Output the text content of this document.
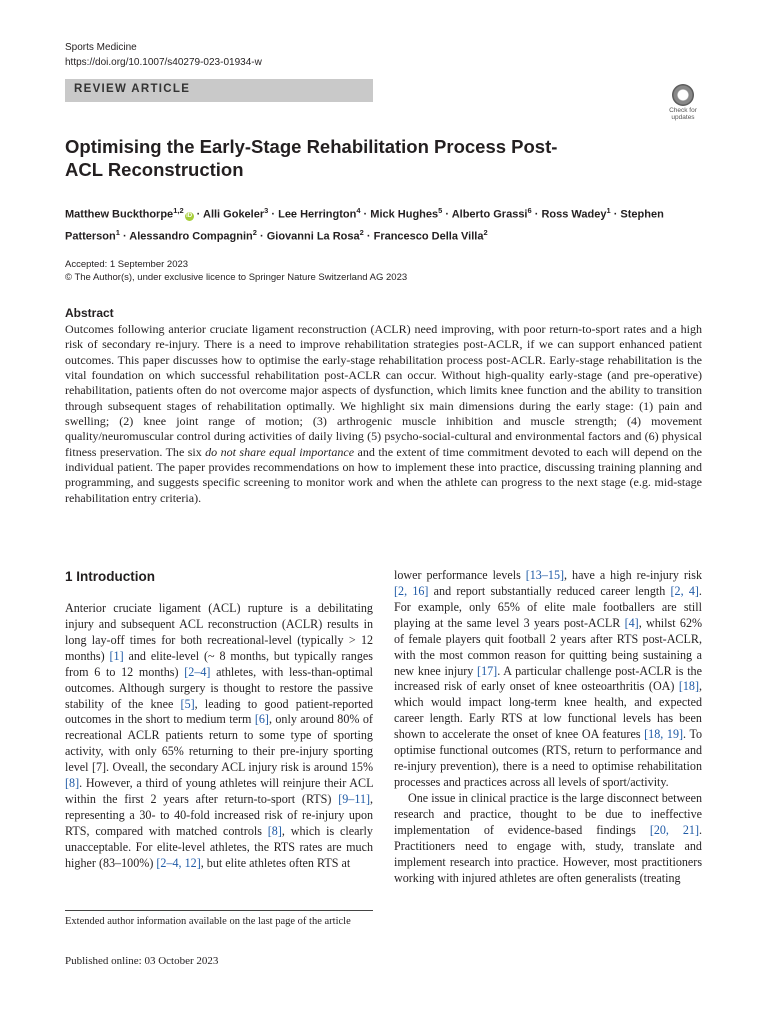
Sports Medicine
https://doi.org/10.1007/s40279-023-01934-w
REVIEW ARTICLE
Check for updates
Optimising the Early-Stage Rehabilitation Process Post-ACL Reconstruction

Matthew Buckthorpe$^{1,2}$iD · Alli Gokeler$^3$ · Lee Herrington$^4$ · Mick Hughes$^5$ · Alberto Grassi$^6$ · Ross Wadey$^1$ · Stephen Patterson$^1$ · Alessandro Compagnin$^2$ · Giovanni La Rosa$^2$ · Francesco Della Villa$^2$

Accepted: 1 September 2023
© The Author(s), under exclusive licence to Springer Nature Switzerland AG 2023
Abstract

Outcomes following anterior cruciate ligament reconstruction (ACLR) need improving, with poor return-to-sport rates and a high risk of secondary re-injury. There is a need to improve rehabilitation strategies post-ACLR, if we can support enhanced patient outcomes. This paper discusses how to optimise the early-stage rehabilitation process post-ACLR. Early-stage rehabilitation is the vital foundation on which successful rehabilitation post-ACLR can occur. Without high-quality early-stage (and pre-operative) rehabilitation, patients often do not overcome major aspects of dysfunction, which limits knee function and the ability to transition through subsequent stages of rehabilitation optimally. We highlight six main dimensions during the early stage: (1) pain and swelling; (2) knee joint range of motion; (3) arthrogenic muscle inhibition and muscle strength; (4) movement quality/neuromuscular control during activities of daily living (5) psycho-social-cultural and environmental factors and (6) physical fitness preservation. The six do not share equal importance and the extent of time commitment devoted to each will depend on the individual patient. The paper provides recommendations on how to implement these into practice, discussing training planning and programming, and suggests specific screening to monitor work and when the athlete can progress to the next stage (e.g. mid-stage rehabilitation entry criteria).

1 Introduction

Anterior cruciate ligament (ACL) rupture is a debilitating injury and subsequent ACL reconstruction (ACLR) results in long lay-off times for both recreational-level (typically > 12 months) [1] and elite-level (~ 8 months, but typically ranges from 6 to 12 months) [2–4] athletes, with less-than-optimal outcomes. Although surgery is thought to restore the passive stability of the knee [5], leading to good patient-reported outcomes in the short to medium term [6], only around 80% of recreational ACLR patients return to some type of sporting activity, with only 65% returning to their pre-injury sporting level [7]. Oveall, the secondary ACL injury risk is around 15% [8]. However, a third of young athletes will reinjure their ACL within the first 2 years after return-to-sport (RTS) [9–11], representing a 30- to 40-fold increased risk of re-injury upon RTS, compared with matched controls [8], which is clearly unacceptable. For elite-level athletes, the RTS rates are much higher (83–100%) [2–4, 12], but elite athletes often RTS at

lower performance levels [13–15], have a high re-injury risk [2, 16] and report substantially reduced career length [2, 4]. For example, only 65% of elite male footballers are still playing at the same level 3 years post-ACLR [4], whilst 62% of female players quit football 2 years after RTS post-ACLR, with the most common reason for quitting being sustaining a new knee injury [17]. A particular challenge post-ACLR is the increased risk of early onset of knee osteoarthritis (OA) [18], which would impact long-term knee health, and expected career length. Early RTS at low functional levels has been shown to accelerate the onset of knee OA features [18, 19]. To optimise functional outcomes (RTS, return to performance and re-injury prevention), there is a need to optimise rehabilitation processes and practices across all levels of sport/activity.

One issue in clinical practice is the large disconnect between research and practice, thought to be due to ineffective implementation of evidence-based findings [20, 21]. Practitioners need to engage with, study, translate and implement research into practice. However, most practitioners working with injured athletes are often generalists (treating

Extended author information available on the last page of the article
Published online: 03 October 2023
